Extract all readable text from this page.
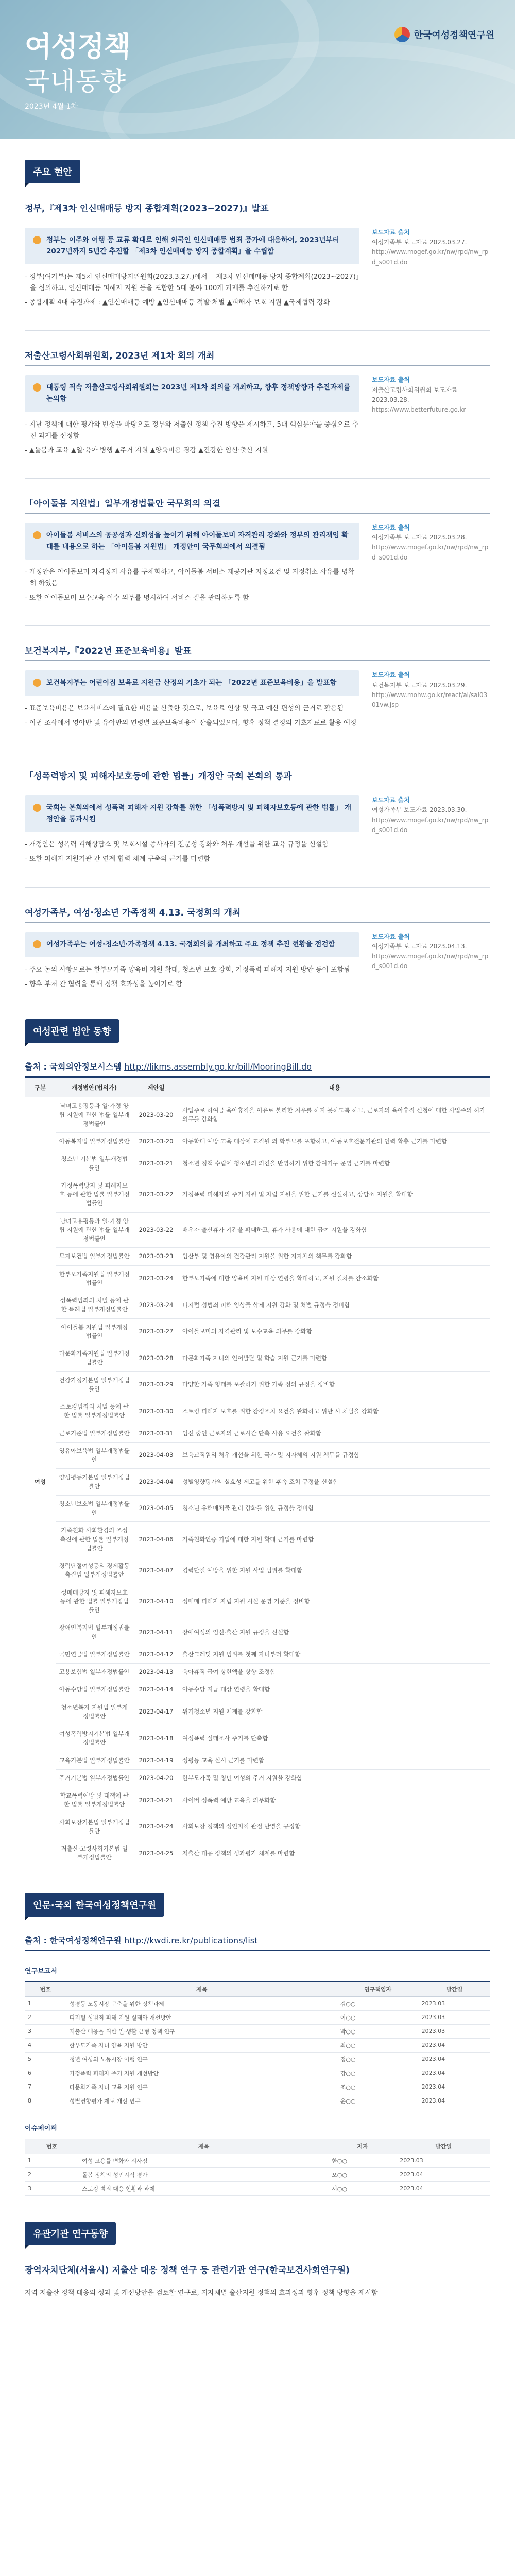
여성정책
국내동향
2023년 4월 1차
한국여성정책연구원
주요 현안
정부,『제3차 인신매매등 방지 종합계획(2023~2027)』발표
정부는 이주와 여행 등 교류 확대로 인해 외국인 인신매매등 범죄 증가에 대응하여, 2023년부터 2027년까지 5년간 추진할 「제3차 인신매매등 방지 종합계획」을 수립함

- 정부(여가부)는 제5차 인신매매방지위원회(2023.3.27.)에서 「제3차 인신매매등 방지 종합계획(2023~2027)」을 심의하고, 인신매매등 피해자 지원 등을 포함한 5대 분야 100개 과제를 추진하기로 함

- 종합계획 4대 추진과제 : ▲인신매매등 예방 ▲인신매매등 적발·처벌 ▲피해자 보호 지원 ▲국제협력 강화

보도자료 출처
여성가족부 보도자료 2023.03.27.
http://www.mogef.go.kr/nw/rpd/nw_rpd_s001d.do
저출산고령사회위원회, 2023년 제1차 회의 개최
대통령 직속 저출산고령사회위원회는 2023년 제1차 회의를 개최하고, 향후 정책방향과 추진과제를 논의함

- 지난 정책에 대한 평가와 반성을 바탕으로 정부와 저출산 정책 추진 방향을 제시하고, 5대 핵심분야를 중심으로 추진 과제를 선정함

- ▲돌봄과 교육 ▲일·육아 병행 ▲주거 지원 ▲양육비용 경감 ▲건강한 임신·출산 지원

보도자료 출처
저출산고령사회위원회 보도자료 2023.03.28.
https://www.betterfuture.go.kr
「아이돌봄 지원법」일부개정법률안 국무회의 의결
아이돌봄 서비스의 공공성과 신뢰성을 높이기 위해 아이돌보미 자격관리 강화와 정부의 관리책임 확대를 내용으로 하는 「아이돌봄 지원법」 개정안이 국무회의에서 의결됨

- 개정안은 아이돌보미 자격정지 사유를 구체화하고, 아이돌봄 서비스 제공기관 지정요건 및 지정취소 사유를 명확히 하였음

- 또한 아이돌보미 보수교육 이수 의무를 명시하여 서비스 질을 관리하도록 함

보도자료 출처
여성가족부 보도자료 2023.03.28.
http://www.mogef.go.kr/nw/rpd/nw_rpd_s001d.do
보건복지부,『2022년 표준보육비용』발표
보건복지부는 어린이집 보육료 지원금 산정의 기초가 되는 「2022년 표준보육비용」을 발표함

- 표준보육비용은 보육서비스에 필요한 비용을 산출한 것으로, 보육료 인상 및 국고 예산 편성의 근거로 활용됨

- 이번 조사에서 영아반 및 유아반의 연령별 표준보육비용이 산출되었으며, 향후 정책 결정의 기초자료로 활용 예정

보도자료 출처
보건복지부 보도자료 2023.03.29.
http://www.mohw.go.kr/react/al/sal0301vw.jsp
「성폭력방지 및 피해자보호등에 관한 법률」개정안 국회 본회의 통과
국회는 본회의에서 성폭력 피해자 지원 강화를 위한 「성폭력방지 및 피해자보호등에 관한 법률」 개정안을 통과시킴

- 개정안은 성폭력 피해상담소 및 보호시설 종사자의 전문성 강화와 처우 개선을 위한 교육 규정을 신설함

- 또한 피해자 지원기관 간 연계 협력 체계 구축의 근거를 마련함

보도자료 출처
여성가족부 보도자료 2023.03.30.
http://www.mogef.go.kr/nw/rpd/nw_rpd_s001d.do
여성가족부, 여성·청소년 가족정책 4.13. 국정회의 개최
여성가족부는 여성·청소년·가족정책 4.13. 국정회의를 개최하고 주요 정책 추진 현황을 점검함

- 주요 논의 사항으로는 한부모가족 양육비 지원 확대, 청소년 보호 강화, 가정폭력 피해자 지원 방안 등이 포함됨

- 향후 부처 간 협력을 통해 정책 효과성을 높이기로 함

보도자료 출처
여성가족부 보도자료 2023.04.13.
http://www.mogef.go.kr/nw/rpd/nw_rpd_s001d.do
여성관련 법안 동향
출처 : 국회의안정보시스템 http://likms.assembly.go.kr/bill/MooringBill.do
구분	개정법안(법의가)	제안일	내용
여성	남녀고용평등과 일·가정 양립 지원에 관한 법률 일부개정법률안	2023-03-20	사업주로 하여금 육아휴직을 이유로 불리한 처우를 하지 못하도록 하고, 근로자의 육아휴직 신청에 대한 사업주의 허가 의무를 강화함
	아동복지법 일부개정법률안	2023-03-20	아동학대 예방 교육 대상에 교직원 외 학부모를 포함하고, 아동보호전문기관의 인력 확충 근거를 마련함
	청소년 기본법 일부개정법률안	2023-03-21	청소년 정책 수립에 청소년의 의견을 반영하기 위한 참여기구 운영 근거를 마련함
	가정폭력방지 및 피해자보호 등에 관한 법률 일부개정법률안	2023-03-22	가정폭력 피해자의 주거 지원 및 자립 지원을 위한 근거를 신설하고, 상담소 지원을 확대함
	남녀고용평등과 일·가정 양립 지원에 관한 법률 일부개정법률안	2023-03-22	배우자 출산휴가 기간을 확대하고, 휴가 사용에 대한 급여 지원을 강화함
	모자보건법 일부개정법률안	2023-03-23	임산부 및 영유아의 건강관리 지원을 위한 지자체의 책무를 강화함
	한부모가족지원법 일부개정법률안	2023-03-24	한부모가족에 대한 양육비 지원 대상 연령을 확대하고, 지원 절차를 간소화함
	성폭력범죄의 처벌 등에 관한 특례법 일부개정법률안	2023-03-24	디지털 성범죄 피해 영상물 삭제 지원 강화 및 처벌 규정을 정비함
	아이돌봄 지원법 일부개정법률안	2023-03-27	아이돌보미의 자격관리 및 보수교육 의무를 강화함
	다문화가족지원법 일부개정법률안	2023-03-28	다문화가족 자녀의 언어발달 및 학습 지원 근거를 마련함
	건강가정기본법 일부개정법률안	2023-03-29	다양한 가족 형태를 포괄하기 위한 가족 정의 규정을 정비함
	스토킹범죄의 처벌 등에 관한 법률 일부개정법률안	2023-03-30	스토킹 피해자 보호를 위한 잠정조치 요건을 완화하고 위반 시 처벌을 강화함
	근로기준법 일부개정법률안	2023-03-31	임신 중인 근로자의 근로시간 단축 사용 요건을 완화함
	영유아보육법 일부개정법률안	2023-04-03	보육교직원의 처우 개선을 위한 국가 및 지자체의 지원 책무를 규정함
	양성평등기본법 일부개정법률안	2023-04-04	성별영향평가의 실효성 제고를 위한 후속 조치 규정을 신설함
	청소년보호법 일부개정법률안	2023-04-05	청소년 유해매체물 관리 강화를 위한 규정을 정비함
	가족친화 사회환경의 조성 촉진에 관한 법률 일부개정법률안	2023-04-06	가족친화인증 기업에 대한 지원 확대 근거를 마련함
	경력단절여성등의 경제활동 촉진법 일부개정법률안	2023-04-07	경력단절 예방을 위한 지원 사업 범위를 확대함
	성매매방지 및 피해자보호 등에 관한 법률 일부개정법률안	2023-04-10	성매매 피해자 자립 지원 시설 운영 기준을 정비함
	장애인복지법 일부개정법률안	2023-04-11	장애여성의 임신·출산 지원 규정을 신설함
	국민연금법 일부개정법률안	2023-04-12	출산크레딧 지원 범위를 첫째 자녀부터 확대함
	고용보험법 일부개정법률안	2023-04-13	육아휴직 급여 상한액을 상향 조정함
	아동수당법 일부개정법률안	2023-04-14	아동수당 지급 대상 연령을 확대함
	청소년복지 지원법 일부개정법률안	2023-04-17	위기청소년 지원 체계를 강화함
	여성폭력방지기본법 일부개정법률안	2023-04-18	여성폭력 실태조사 주기를 단축함
	교육기본법 일부개정법률안	2023-04-19	성평등 교육 실시 근거를 마련함
	주거기본법 일부개정법률안	2023-04-20	한부모가족 및 청년 여성의 주거 지원을 강화함
	학교폭력예방 및 대책에 관한 법률 일부개정법률안	2023-04-21	사이버 성폭력 예방 교육을 의무화함
	사회보장기본법 일부개정법률안	2023-04-24	사회보장 정책의 성인지적 관점 반영을 규정함
	저출산·고령사회기본법 일부개정법률안	2023-04-25	저출산 대응 정책의 성과평가 체계를 마련함
인문·국외 한국여성정책연구원
출처 : 한국여성정책연구원 http://kwdi.re.kr/publications/list
연구보고서
번호	제목	연구책임자	발간일
1	성평등 노동시장 구축을 위한 정책과제	김○○	2023.03
2	디지털 성범죄 피해 지원 실태와 개선방안	이○○	2023.03
3	저출산 대응을 위한 일·생활 균형 정책 연구	박○○	2023.03
4	한부모가족 자녀 양육 지원 방안	최○○	2023.04
5	청년 여성의 노동시장 이행 연구	정○○	2023.04
6	가정폭력 피해자 주거 지원 개선방안	강○○	2023.04
7	다문화가족 자녀 교육 지원 연구	조○○	2023.04
8	성별영향평가 제도 개선 연구	윤○○	2023.04
이슈페이퍼
번호	제목	저자	발간일
1	여성 고용률 변화와 시사점	한○○	2023.03
2	돌봄 정책의 성인지적 평가	오○○	2023.04
3	스토킹 범죄 대응 현황과 과제	서○○	2023.04
유관기관 연구동향
광역자치단체(서울시) 저출산 대응 정책 연구 등 관련기관 연구(한국보건사회연구원)
지역 저출산 정책 대응의 성과 및 개선방안을 검토한 연구로, 지자체별 출산지원 정책의 효과성과 향후 정책 방향을 제시함
